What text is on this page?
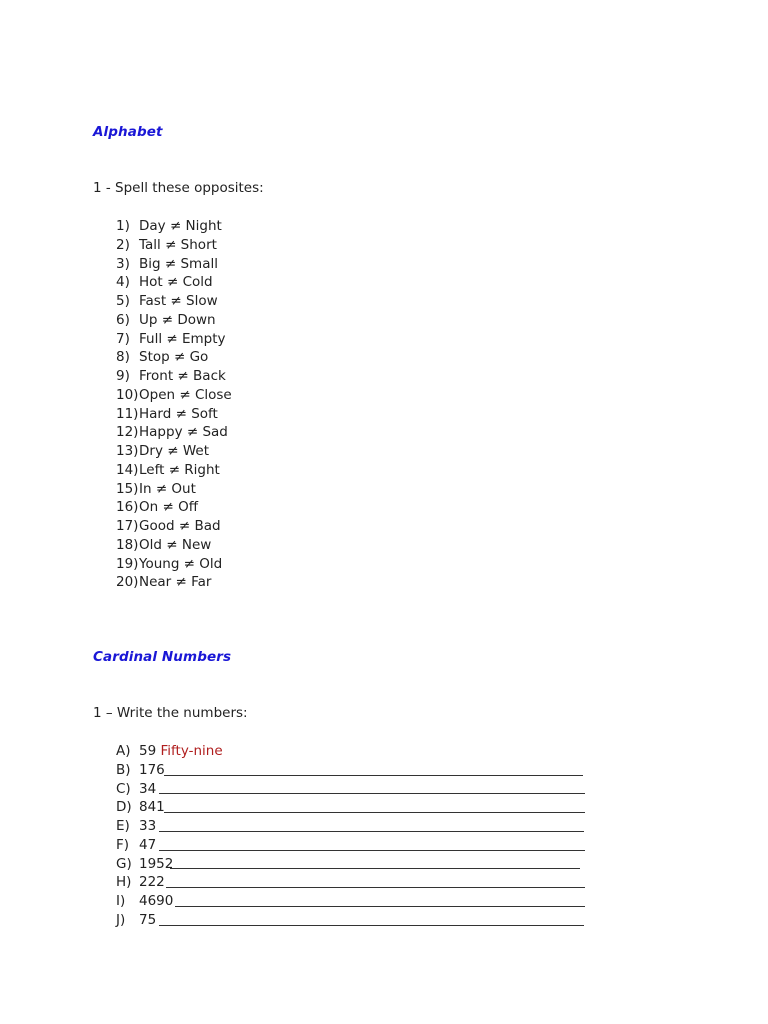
Alphabet
1 - Spell these opposites:
1) Day ≠ Night
2) Tall ≠ Short
3) Big ≠ Small
4) Hot ≠ Cold
5) Fast ≠ Slow
6) Up ≠ Down
7) Full ≠ Empty
8) Stop ≠ Go
9) Front ≠ Back
10)Open ≠ Close
11)Hard ≠ Soft
12)Happy ≠ Sad
13)Dry ≠ Wet
14)Left ≠ Right
15)In ≠ Out
16)On ≠ Off
17)Good ≠ Bad
18)Old ≠ New
19)Young ≠ Old
20)Near ≠ Far
Cardinal Numbers
1 – Write the numbers:
A) 59 Fifty-nine
B) 176
C) 34
D) 841
E) 33
F) 47
G) 1952
H) 222
I) 4690
J) 75
